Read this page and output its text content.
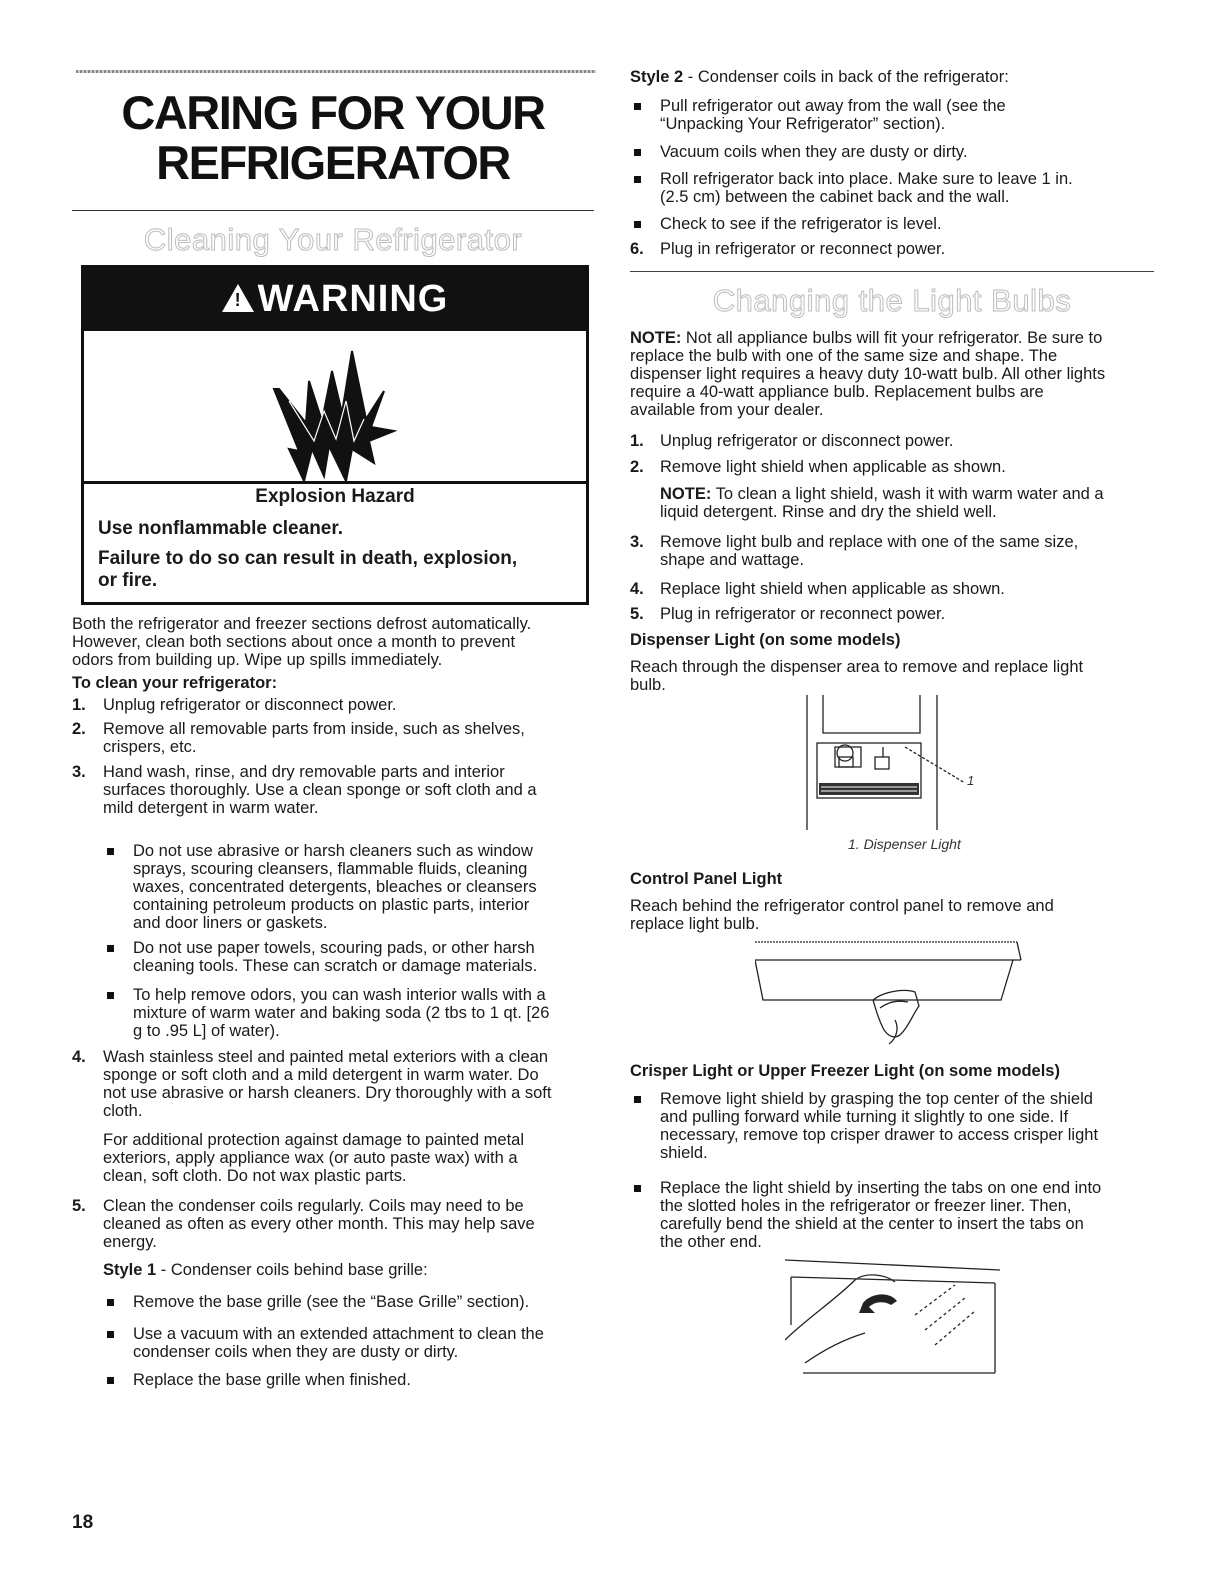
CARING FOR YOUR
REFRIGERATOR
Cleaning Your Refrigerator
! WARNING
Explosion Hazard
Use nonflammable cleaner.
Failure to do so can result in death, explosion,
or fire.
Both the refrigerator and freezer sections defrost automatically.
However, clean both sections about once a month to prevent
odors from building up. Wipe up spills immediately.
To clean your refrigerator:
1. Unplug refrigerator or disconnect power.
2. Remove all removable parts from inside, such as shelves,
crispers, etc.
3. Hand wash, rinse, and dry removable parts and interior
surfaces thoroughly. Use a clean sponge or soft cloth and a
mild detergent in warm water.
Do not use abrasive or harsh cleaners such as window
sprays, scouring cleansers, flammable fluids, cleaning
waxes, concentrated detergents, bleaches or cleansers
containing petroleum products on plastic parts, interior
and door liners or gaskets.
Do not use paper towels, scouring pads, or other harsh
cleaning tools. These can scratch or damage materials.
To help remove odors, you can wash interior walls with a
mixture of warm water and baking soda (2 tbs to 1 qt. [26
g to .95 L] of water).
4. Wash stainless steel and painted metal exteriors with a clean
sponge or soft cloth and a mild detergent in warm water. Do
not use abrasive or harsh cleaners. Dry thoroughly with a soft
cloth.
For additional protection against damage to painted metal
exteriors, apply appliance wax (or auto paste wax) with a
clean, soft cloth. Do not wax plastic parts.
5. Clean the condenser coils regularly. Coils may need to be
cleaned as often as every other month. This may help save
energy.
Style 1 - Condenser coils behind base grille:
Remove the base grille (see the “Base Grille” section).
Use a vacuum with an extended attachment to clean the
condenser coils when they are dusty or dirty.
Replace the base grille when finished.
18
Style 2 - Condenser coils in back of the refrigerator:
Pull refrigerator out away from the wall (see the
“Unpacking Your Refrigerator” section).
Vacuum coils when they are dusty or dirty.
Roll refrigerator back into place. Make sure to leave 1 in.
(2.5 cm) between the cabinet back and the wall.
Check to see if the refrigerator is level.
6. Plug in refrigerator or reconnect power.
Changing the Light Bulbs
NOTE: Not all appliance bulbs will fit your refrigerator. Be sure to
replace the bulb with one of the same size and shape. The
dispenser light requires a heavy duty 10-watt bulb. All other lights
require a 40-watt appliance bulb. Replacement bulbs are
available from your dealer.
1. Unplug refrigerator or disconnect power.
2. Remove light shield when applicable as shown.
NOTE: To clean a light shield, wash it with warm water and a
liquid detergent. Rinse and dry the shield well.
3. Remove light bulb and replace with one of the same size,
shape and wattage.
4. Replace light shield when applicable as shown.
5. Plug in refrigerator or reconnect power.
Dispenser Light (on some models)
Reach through the dispenser area to remove and replace light
bulb.
1
1. Dispenser Light
Control Panel Light
Reach behind the refrigerator control panel to remove and
replace light bulb.
Crisper Light or Upper Freezer Light (on some models)
Remove light shield by grasping the top center of the shield
and pulling forward while turning it slightly to one side. If
necessary, remove top crisper drawer to access crisper light
shield.
Replace the light shield by inserting the tabs on one end into
the slotted holes in the refrigerator or freezer liner. Then,
carefully bend the shield at the center to insert the tabs on
the other end.
